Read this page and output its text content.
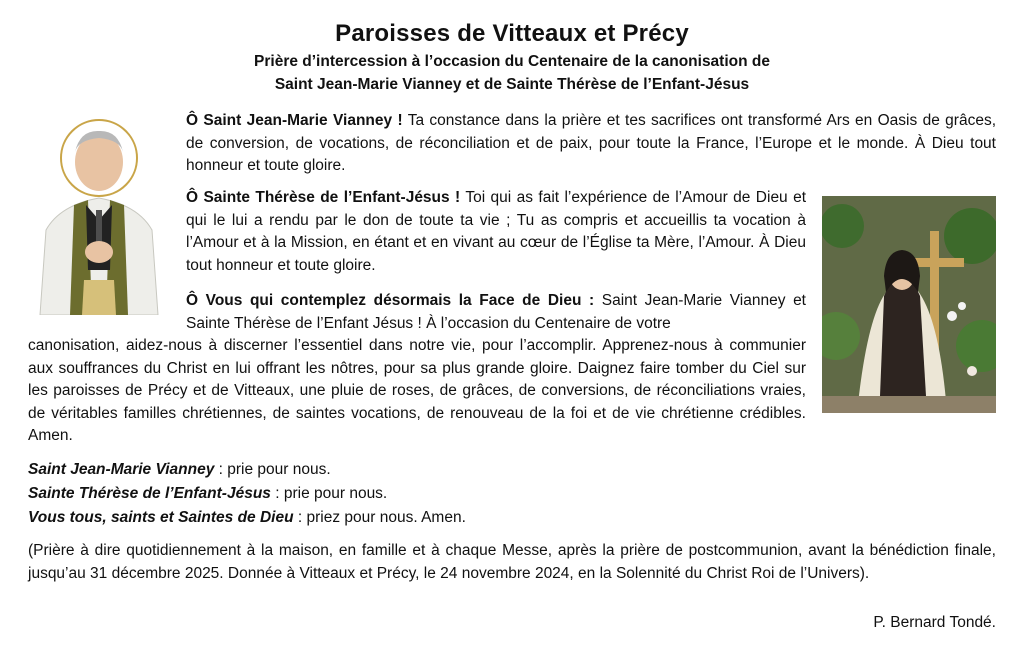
Paroisses de Vitteaux et Précy
Prière d’intercession à l’occasion du Centenaire de la canonisation de
Saint Jean-Marie Vianney et de Sainte Thérèse de l’Enfant-Jésus

Ô Saint Jean-Marie Vianney ! Ta constance dans la prière et tes sacrifices ont transformé Ars en Oasis de grâces, de conversion, de vocations, de réconciliation et de paix, pour toute la France, l’Europe et le monde. À Dieu tout honneur et toute gloire.

Ô Sainte Thérèse de l’Enfant-Jésus ! Toi qui as fait l’expérience de l’Amour de Dieu et qui le lui a rendu par le don de toute ta vie ; Tu as compris et accueillis ta vocation à l’Amour et à la Mission, en étant et en vivant au cœur de l’Église ta Mère, l’Amour. À Dieu tout honneur et toute gloire.

Ô Vous qui contemplez désormais la Face de Dieu : Saint Jean-Marie Vianney et Sainte Thérèse de l’Enfant Jésus ! À l’occasion du Centenaire de votre

canonisation, aidez-nous à discerner l’essentiel dans notre vie, pour l’accomplir. Apprenez-nous à communier aux souffrances du Christ en lui offrant les nôtres, pour sa plus grande gloire. Daignez faire tomber du Ciel sur les paroisses de Précy et de Vitteaux, une pluie de roses, de grâces, de conversions, de réconciliations vraies, de véritables familles chrétiennes, de saintes vocations, de renouveau de la foi et de vie chrétienne crédibles. Amen.

Saint Jean-Marie Vianney : prie pour nous.
Sainte Thérèse de l’Enfant-Jésus : prie pour nous.
Vous tous, saints et Saintes de Dieu : priez pour nous. Amen.

(Prière à dire quotidiennement à la maison, en famille et à chaque Messe, après la prière de postcommunion, avant la bénédiction finale, jusqu’au 31 décembre 2025. Donnée à Vitteaux et Précy, le 24 novembre 2024, en la Solennité du Christ Roi de l’Univers).

P. Bernard Tondé.
